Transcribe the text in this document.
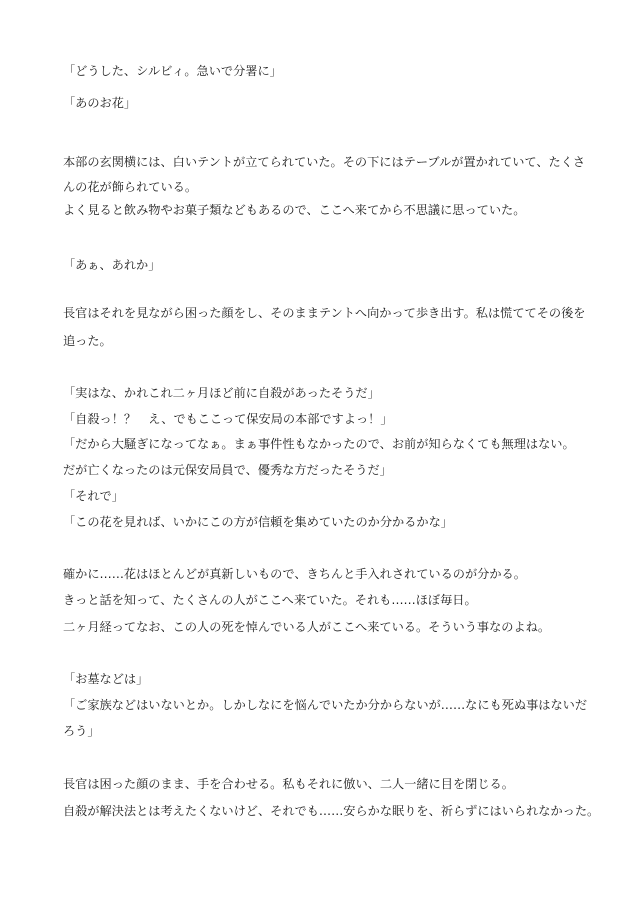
「どうした、シルビィ。急いで分署に」
「あのお花」
本部の玄関横には、白いテントが立てられていた。その下にはテーブルが置かれていて、たくさ
んの花が飾られている。
よく見ると飲み物やお菓子類などもあるので、ここへ来てから不思議に思っていた。
「あぁ、あれか」
長官はそれを見ながら困った顔をし、そのままテントへ向かって歩き出す。私は慌ててその後を
追った。
「実はな、かれこれ二ヶ月ほど前に自殺があったそうだ」
「自殺っ！？　え、でもここって保安局の本部ですよっ！」
「だから大騒ぎになってなぁ。まぁ事件性もなかったので、お前が知らなくても無理はない。
だが亡くなったのは元保安局員で、優秀な方だったそうだ」
「それで」
「この花を見れば、いかにこの方が信頼を集めていたのか分かるかな」
確かに……花はほとんどが真新しいもので、きちんと手入れされているのが分かる。
きっと話を知って、たくさんの人がここへ来ていた。それも……ほぼ毎日。
二ヶ月経ってなお、この人の死を悼んでいる人がここへ来ている。そういう事なのよね。
「お墓などは」
「ご家族などはいないとか。しかしなにを悩んでいたか分からないが……なにも死ぬ事はないだ
ろう」
長官は困った顔のまま、手を合わせる。私もそれに倣い、二人一緒に目を閉じる。
自殺が解決法とは考えたくないけど、それでも……安らかな眠りを、祈らずにはいられなかった。
